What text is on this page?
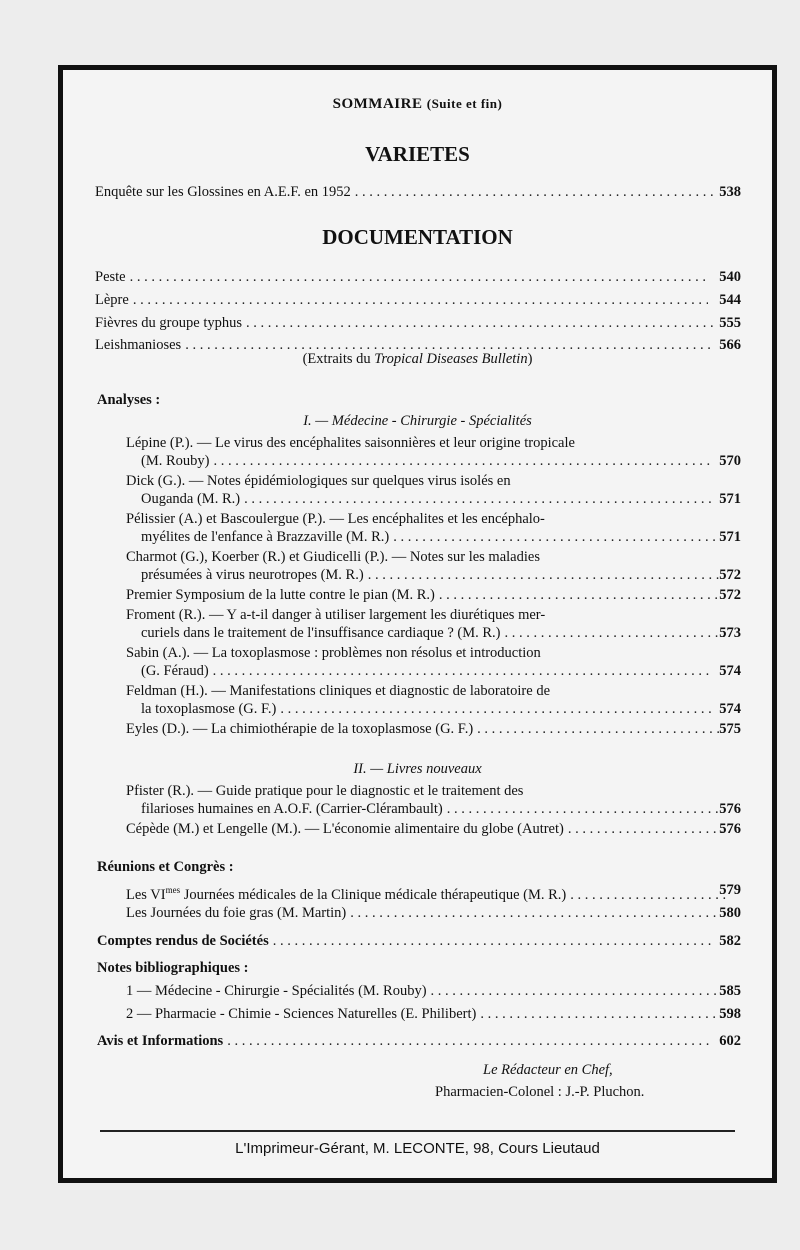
SOMMAIRE (Suite et fin)
VARIETES
Enquête sur les Glossines en A.E.F. en 1952 . . .	538
DOCUMENTATION
Peste . . .	540
Lèpre . . .	544
Fièvres du groupe typhus . . .	555
Leishmanioses . . .	566
(Extraits du Tropical Diseases Bulletin)
Analyses :
I. — Médecine - Chirurgie - Spécialités
Lépine (P.). — Le virus des encéphalites saisonnières et leur origine tropicale
(M. Rouby) . . .	570
Dick (G.). — Notes épidémiologiques sur quelques virus isolés en
Ouganda (M. R.) . . .	571
Pélissier (A.) et Bascoulergue (P.). — Les encéphalites et les encéphalo-
myélites de l'enfance à Brazzaville (M. R.) . . .	571
Charmot (G.), Koerber (R.) et Giudicelli (P.). — Notes sur les maladies
présumées à virus neurotropes (M. R.) . . .	572
Premier Symposium de la lutte contre le pian (M. R.) . . .	572
Froment (R.). — Y a-t-il danger à utiliser largement les diurétiques mer-
curiels dans le traitement de l'insuffisance cardiaque ? (M. R.) . . .	573
Sabin (A.). — La toxoplasmose : problèmes non résolus et introduction
(G. Féraud) . . .	574
Feldman (H.). — Manifestations cliniques et diagnostic de laboratoire de
la toxoplasmose (G. F.) . . .	574
Eyles (D.). — La chimiothérapie de la toxoplasmose (G. F.) . . .	575
II. — Livres nouveaux
Pfister (R.). — Guide pratique pour le diagnostic et le traitement des
filarioses humaines en A.O.F. (Carrier-Clérambault) . . .	576
Cépède (M.) et Lengelle (M.). — L'économie alimentaire du globe (Autret) . . .	576
Réunions et Congrès :
Les $VI^{mes}$ Journées médicales de la Clinique médicale thérapeutique (M. R.) . . .	579
Les Journées du foie gras (M. Martin) . . .	580
Comptes rendus de Sociétés . . .	582
Notes bibliographiques :
1 — Médecine - Chirurgie - Spécialités (M. Rouby) . . .	585
2 — Pharmacie - Chimie - Sciences Naturelles (E. Philibert) . . .	598
Avis et Informations . . .	602
Le Rédacteur en Chef,
Pharmacien-Colonel : J.-P. Pluchon.
L'Imprimeur-Gérant, M. LECONTE, 98, Cours Lieutaud
